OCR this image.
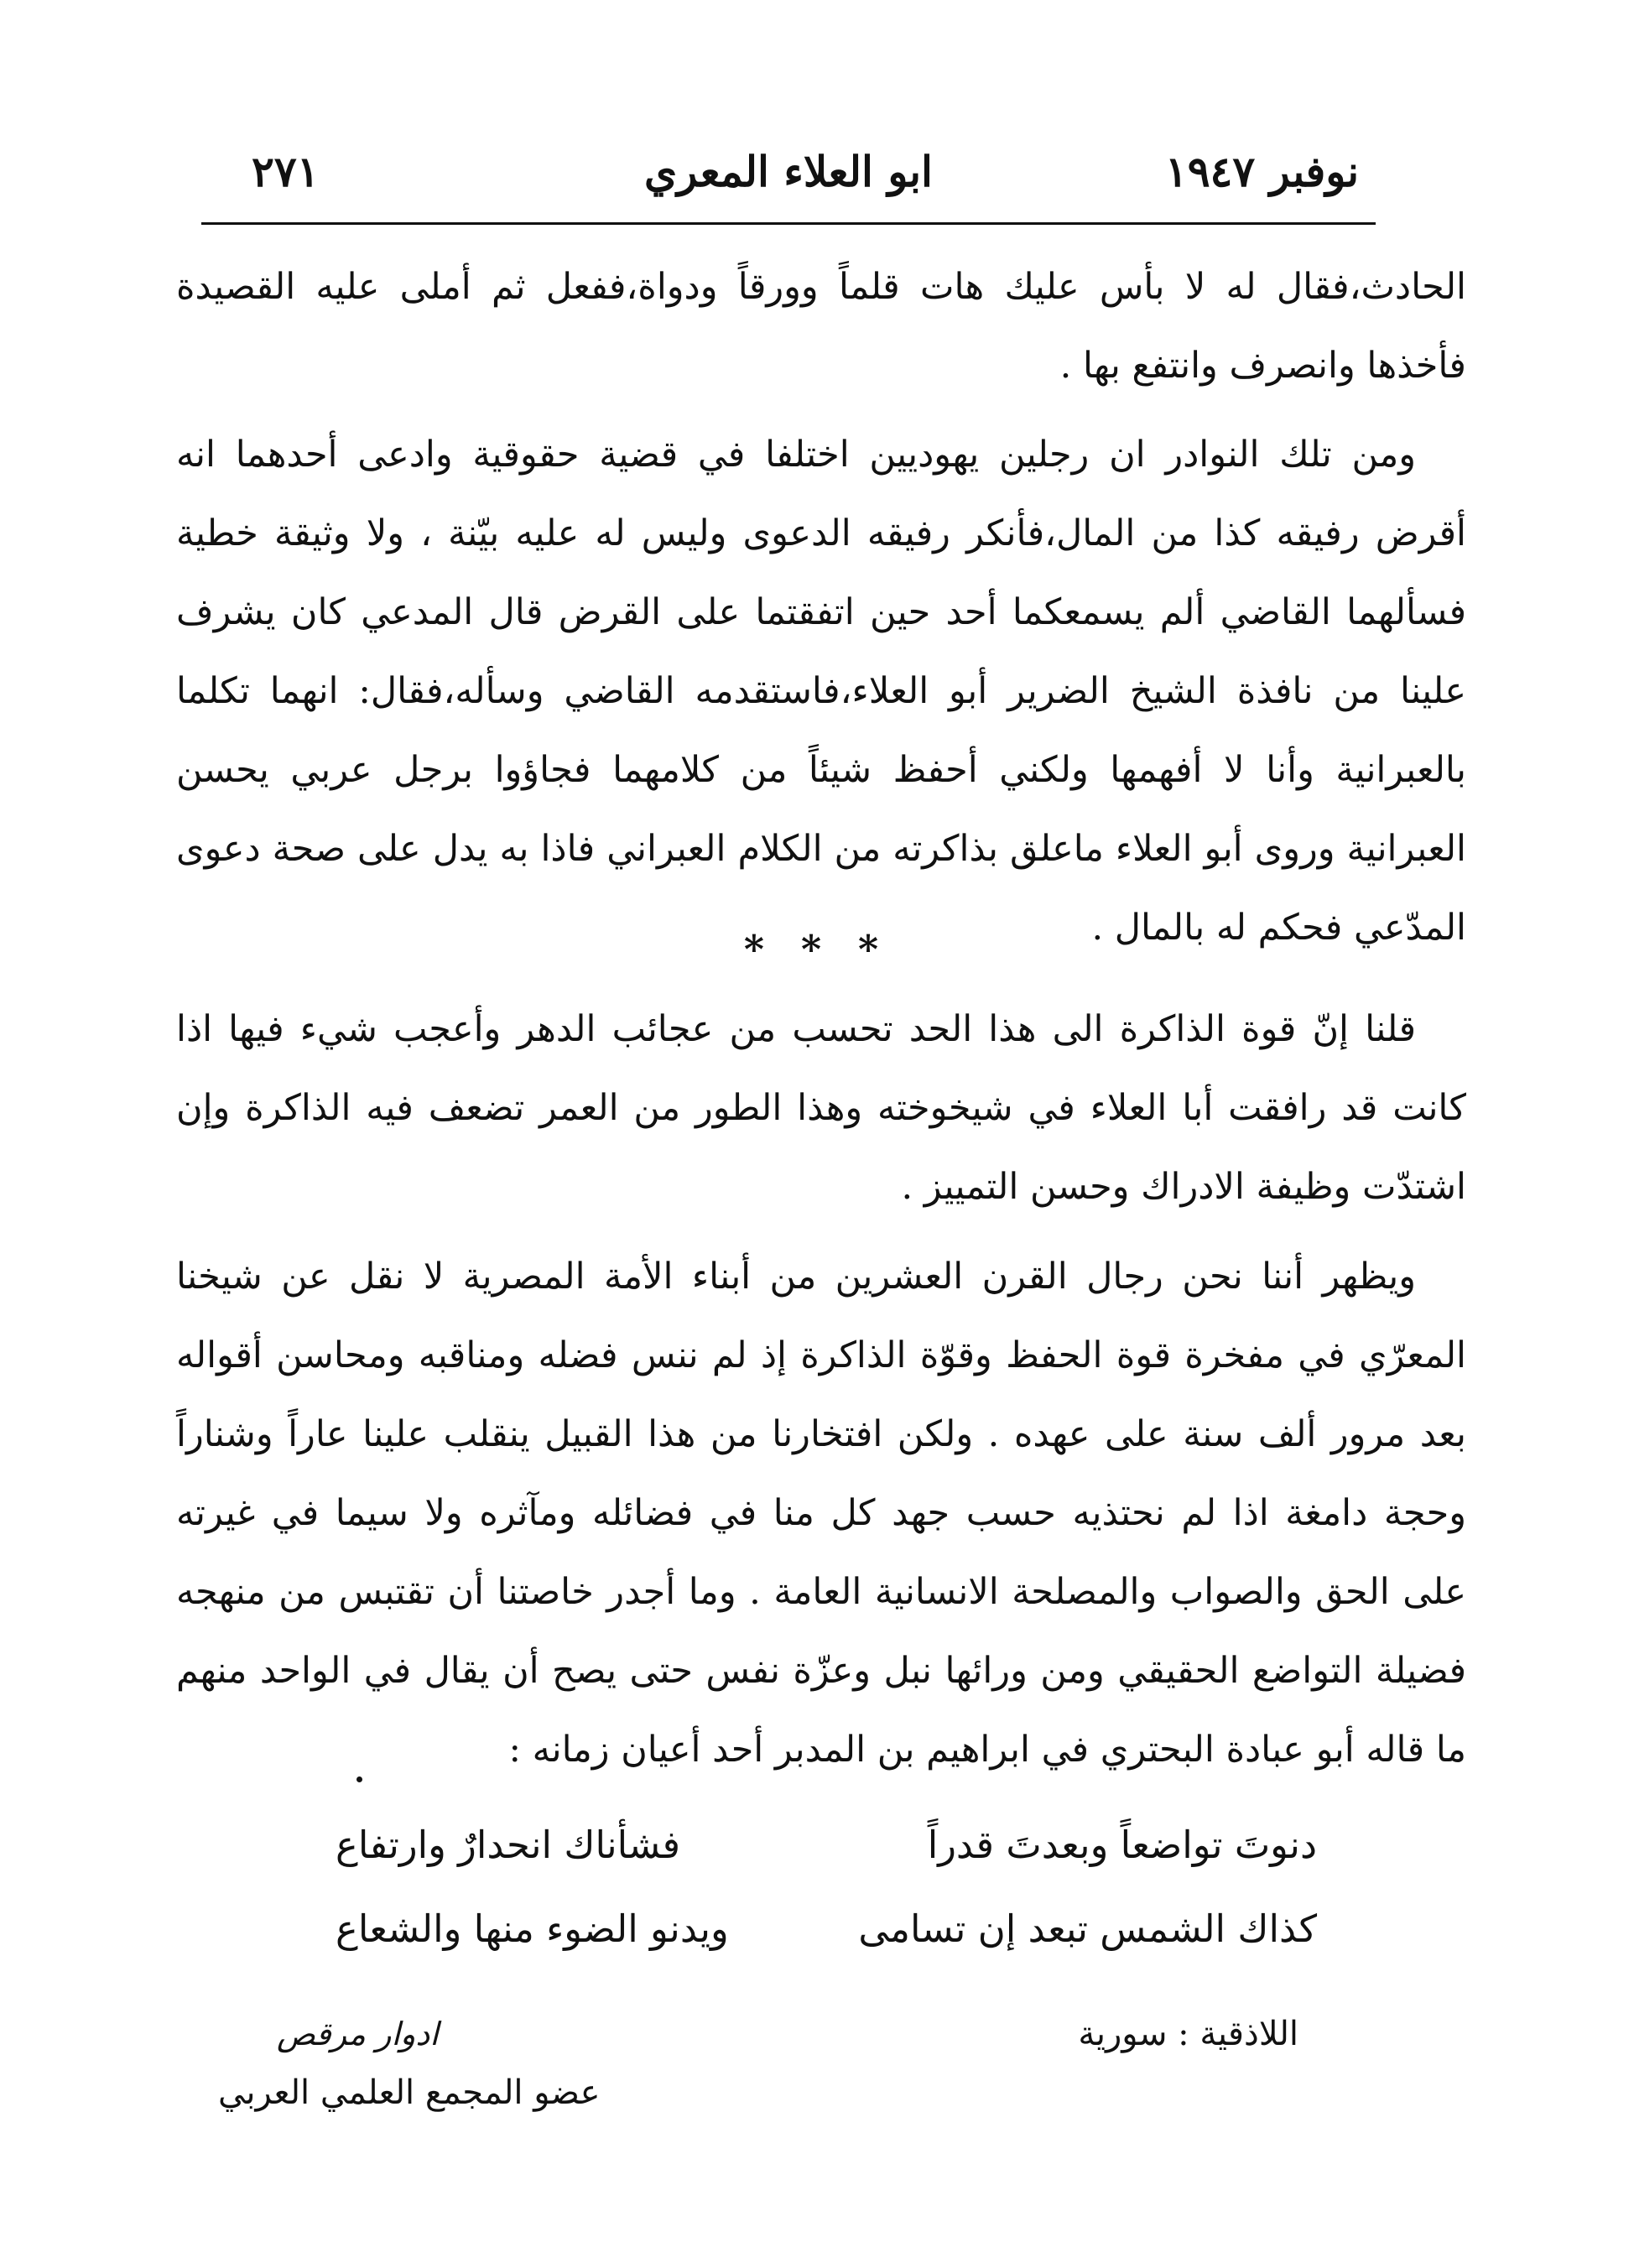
٢٧١	ابو العلاء المعري	نوفبر ١٩٤٧
الحادث،فقال له لا بأس عليك هات قلماً وورقاً ودواة،ففعل ثم أملى عليه القصيدة فأخذها وانصرف وانتفع بها .
ومن تلك النوادر ان رجلين يهوديين اختلفا في قضية حقوقية وادعى أحدهما انه أقرض رفيقه كذا من المال،فأنكر رفيقه الدعوى وليس له عليه بيّنة ، ولا وثيقة خطية فسألهما القاضي ألم يسمعكما أحد حين اتفقتما على القرض قال المدعي كان يشرف علينا من نافذة الشيخ الضرير أبو العلاء،فاستقدمه القاضي وسأله،فقال: انهما تكلما بالعبرانية وأنا لا أفهمها ولكني أحفظ شيئاً من كلامهما فجاؤوا برجل عربي يحسن العبرانية وروى أبو العلاء ماعلق بذاكرته من الكلام العبراني فاذا به يدل على صحة دعوى المدّعي فحكم له بالمال .
* * *
قلنا إنّ قوة الذاكرة الى هذا الحد تحسب من عجائب الدهر وأعجب شيء فيها اذا كانت قد رافقت أبا العلاء في شيخوخته وهذا الطور من العمر تضعف فيه الذاكرة وإن اشتدّت وظيفة الادراك وحسن التمييز .
ويظهر أننا نحن رجال القرن العشرين من أبناء الأمة المصرية لا نقل عن شيخنا المعرّي في مفخرة قوة الحفظ وقوّة الذاكرة إذ لم ننس فضله ومناقبه ومحاسن أقواله بعد مرور ألف سنة على عهده . ولكن افتخارنا من هذا القبيل ينقلب علينا عاراً وشناراً وحجة دامغة اذا لم نحتذيه حسب جهد كل منا في فضائله ومآثره ولا سيما في غيرته على الحق والصواب والمصلحة الانسانية العامة . وما أجدر خاصتنا أن تقتبس من منهجه فضيلة التواضع الحقيقي ومن ورائها نبل وعزّة نفس حتى يصح أن يقال في الواحد منهم ما قاله أبو عبادة البحتري في ابراهيم بن المدبر أحد أعيان زمانه :
دنوتَ تواضعاً وبعدتَ قدراً
فشأناك انحدارٌ وارتفاع
كذاك الشمس تبعد إن تسامى
ويدنو الضوء منها والشعاع
اللاذقية : سورية
ادوار مرقص
عضو المجمع العلمي العربي
